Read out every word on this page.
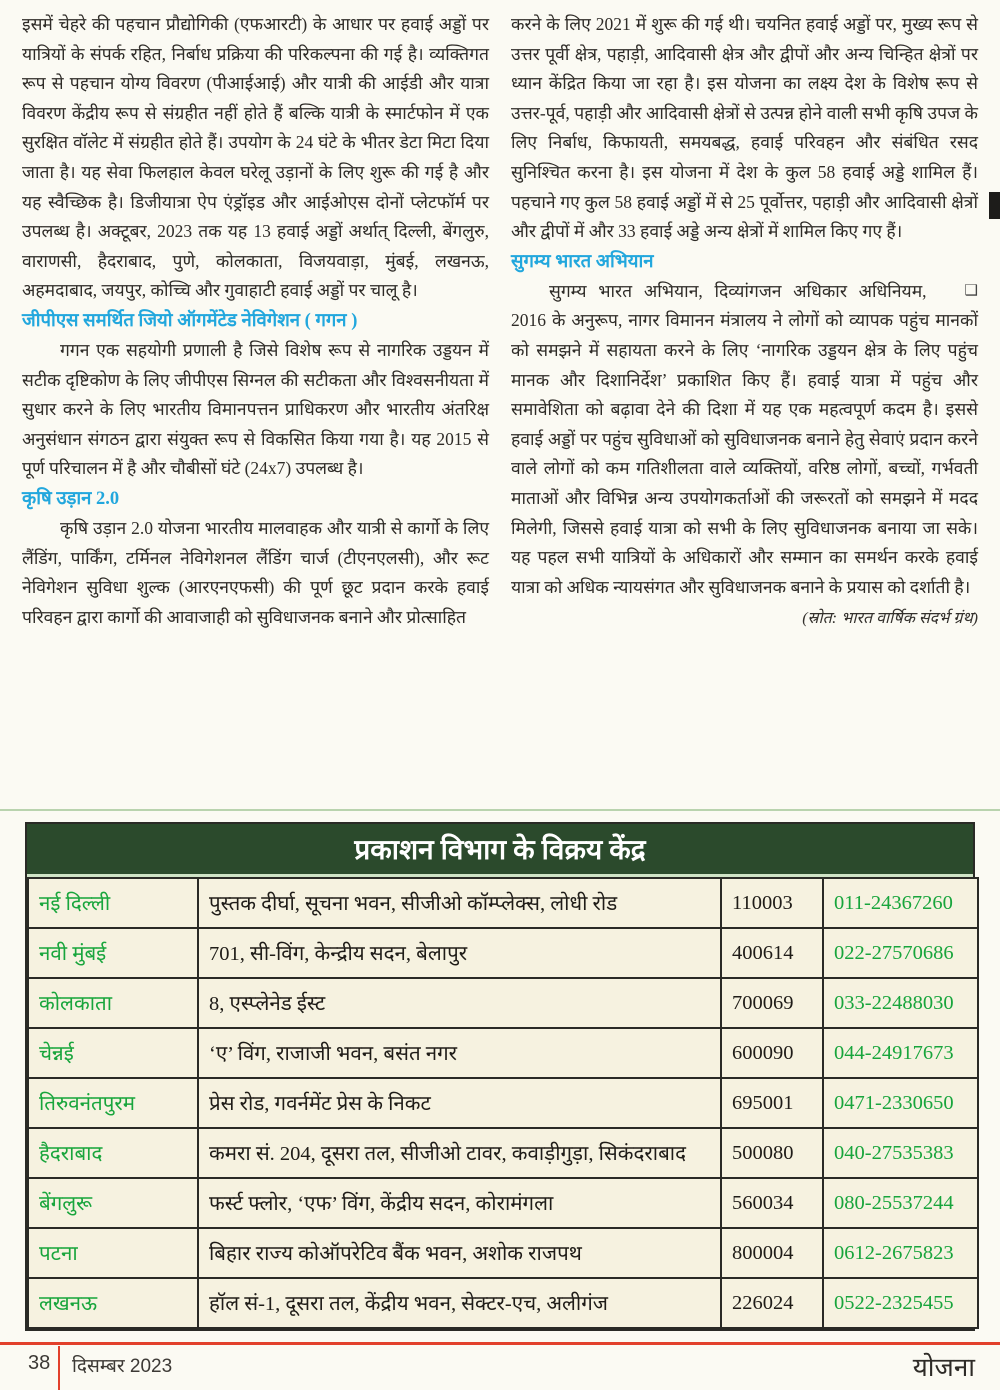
इसमें चेहरे की पहचान प्रौद्योगिकी (एफआरटी) के आधार पर हवाई अड्डों पर यात्रियों के संपर्क रहित, निर्बाध प्रक्रिया की परिकल्पना की गई है। व्यक्तिगत रूप से पहचान योग्य विवरण (पीआईआई) और यात्री की आईडी और यात्रा विवरण केंद्रीय रूप से संग्रहीत नहीं होते हैं बल्कि यात्री के स्मार्टफोन में एक सुरक्षित वॉलेट में संग्रहीत होते हैं। उपयोग के 24 घंटे के भीतर डेटा मिटा दिया जाता है। यह सेवा फिलहाल केवल घरेलू उड़ानों के लिए शुरू की गई है और यह स्वैच्छिक है। डिजीयात्रा ऐप एंड्रॉइड और आईओएस दोनों प्लेटफॉर्म पर उपलब्ध है। अक्टूबर, 2023 तक यह 13 हवाई अड्डों अर्थात् दिल्ली, बेंगलुरु, वाराणसी, हैदराबाद, पुणे, कोलकाता, विजयवाड़ा, मुंबई, लखनऊ, अहमदाबाद, जयपुर, कोच्चि और गुवाहाटी हवाई अड्डों पर चालू है।

जीपीएस समर्थित जियो ऑगमेंटेड नेविगेशन ( गगन )

गगन एक सहयोगी प्रणाली है जिसे विशेष रूप से नागरिक उड्डयन में सटीक दृष्टिकोण के लिए जीपीएस सिग्नल की सटीकता और विश्वसनीयता में सुधार करने के लिए भारतीय विमानपत्तन प्राधिकरण और भारतीय अंतरिक्ष अनुसंधान संगठन द्वारा संयुक्त रूप से विकसित किया गया है। यह 2015 से पूर्ण परिचालन में है और चौबीसों घंटे (24x7) उपलब्ध है।

कृषि उड़ान 2.0

कृषि उड़ान 2.0 योजना भारतीय मालवाहक और यात्री से कार्गो के लिए लैंडिंग, पार्किंग, टर्मिनल नेविगेशनल लैंडिंग चार्ज (टीएनएलसी), और रूट नेविगेशन सुविधा शुल्क (आरएनएफसी) की पूर्ण छूट प्रदान करके हवाई परिवहन द्वारा कार्गो की आवाजाही को सुविधाजनक बनाने और प्रोत्साहित

करने के लिए 2021 में शुरू की गई थी। चयनित हवाई अड्डों पर, मुख्य रूप से उत्तर पूर्वी क्षेत्र, पहाड़ी, आदिवासी क्षेत्र और द्वीपों और अन्य चिन्हित क्षेत्रों पर ध्यान केंद्रित किया जा रहा है। इस योजना का लक्ष्य देश के विशेष रूप से उत्तर-पूर्व, पहाड़ी और आदिवासी क्षेत्रों से उत्पन्न होने वाली सभी कृषि उपज के लिए निर्बाध, किफायती, समयबद्ध, हवाई परिवहन और संबंधित रसद सुनिश्चित करना है। इस योजना में देश के कुल 58 हवाई अड्डे शामिल हैं। पहचाने गए कुल 58 हवाई अड्डों में से 25 पूर्वोत्तर, पहाड़ी और आदिवासी क्षेत्रों और द्वीपों में और 33 हवाई अड्डे अन्य क्षेत्रों में शामिल किए गए हैं।

सुगम्य भारत अभियान

❑
सुगम्य भारत अभियान, दिव्यांगजन अधिकार अधिनियम, 2016 के अनुरूप, नागर विमानन मंत्रालय ने लोगों को व्यापक पहुंच मानकों को समझने में सहायता करने के लिए ‘नागरिक उड्डयन क्षेत्र के लिए पहुंच मानक और दिशानिर्देश’ प्रकाशित किए हैं। हवाई यात्रा में पहुंच और समावेशिता को बढ़ावा देने की दिशा में यह एक महत्वपूर्ण कदम है। इससे हवाई अड्डों पर पहुंच सुविधाओं को सुविधाजनक बनाने हेतु सेवाएं प्रदान करने वाले लोगों को कम गतिशीलता वाले व्यक्तियों, वरिष्ठ लोगों, बच्चों, गर्भवती माताओं और विभिन्न अन्य उपयोगकर्ताओं की जरूरतों को समझने में मदद मिलेगी, जिससे हवाई यात्रा को सभी के लिए सुविधाजनक बनाया जा सके। यह पहल सभी यात्रियों के अधिकारों और सम्मान का समर्थन करके हवाई यात्रा को अधिक न्यायसंगत और सुविधाजनक बनाने के प्रयास को दर्शाती है।

(स्रोत: भारत वार्षिक संदर्भ ग्रंथ)
प्रकाशन विभाग के विक्रय केंद्र
नई दिल्ली	पुस्तक दीर्घा, सूचना भवन, सीजीओ कॉम्प्लेक्स, लोधी रोड	110003	011-24367260
नवी मुंबई	701, सी-विंग, केन्द्रीय सदन, बेलापुर	400614	022-27570686
कोलकाता	8, एस्प्लेनेड ईस्ट	700069	033-22488030
चेन्नई	‘ए’ विंग, राजाजी भवन, बसंत नगर	600090	044-24917673
तिरुवनंतपुरम	प्रेस रोड, गवर्नमेंट प्रेस के निकट	695001	0471-2330650
हैदराबाद	कमरा सं. 204, दूसरा तल, सीजीओ टावर, कवाड़ीगुड़ा, सिकंदराबाद	500080	040-27535383
बेंगलुरू	फर्स्ट फ्लोर, ‘एफ’ विंग, केंद्रीय सदन, कोरामंगला	560034	080-25537244
पटना	बिहार राज्य कोऑपरेटिव बैंक भवन, अशोक राजपथ	800004	0612-2675823
लखनऊ	हॉल सं-1, दूसरा तल, केंद्रीय भवन, सेक्टर-एच, अलीगंज	226024	0522-2325455
38 दिसम्बर 2023	योजना
